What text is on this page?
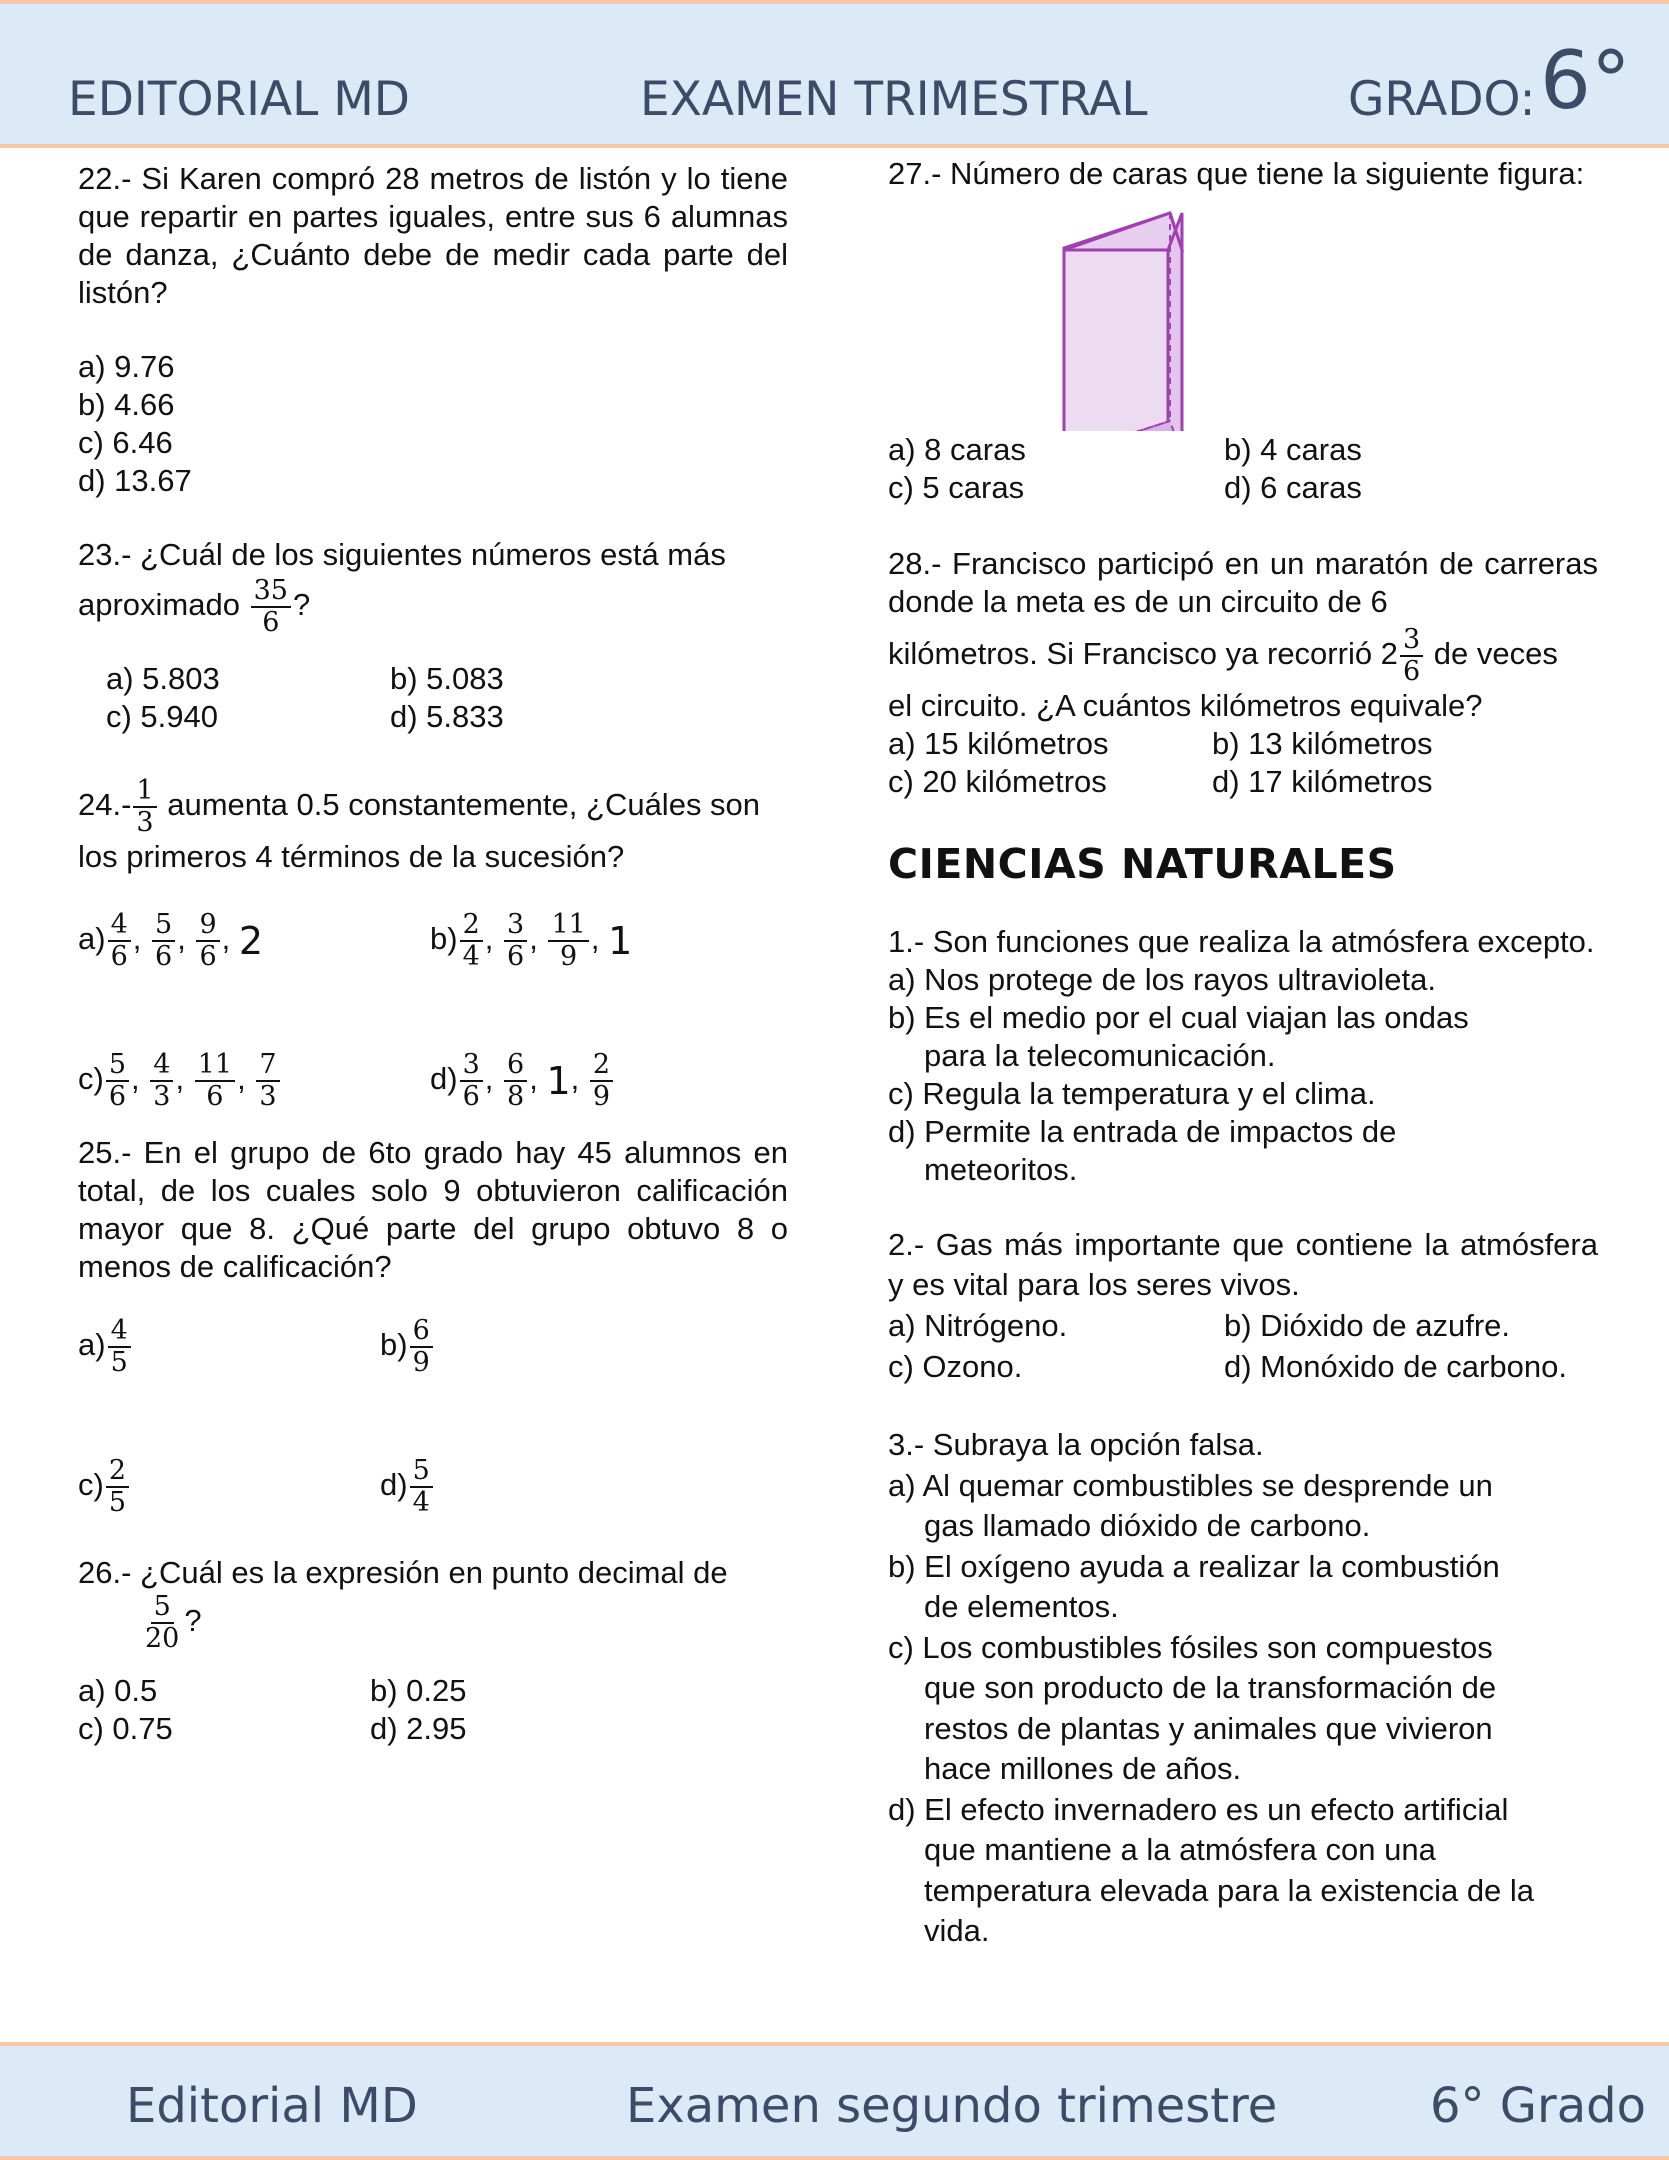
EDITORIAL MD	EXAMEN TRIMESTRAL	GRADO: 6°

22.- Si Karen compró 28 metros de listón y lo tiene que repartir en partes iguales, entre sus 6 alumnas de danza, ¿Cuánto debe de medir cada parte del listón?

a) 9.76

b) 4.66

c) 6.46

d) 13.67

23.- ¿Cuál de los siguientes números está más

aproximado $\frac{35}{6}$ ?

a) 5.803	b) 5.083
c) 5.940	d) 5.833

$24.- \frac{1}{3}$ aumenta 0.5 constantemente, ¿Cuáles son

los primeros 4 términos de la sucesión?

$a) \frac{4}{6}$ , $\frac{5}{6}$ , $\frac{9}{6}$ , 2	$b) \frac{2}{4}$ , $\frac{3}{6}$ , $\frac{11}{9}$ , 1
$c) \frac{5}{6}$ , $\frac{4}{3}$ , $\frac{11}{6}$ , $\frac{7}{3}$	$d) \frac{3}{6}$ , $\frac{6}{8}$ , 1, $\frac{2}{9}$

25.- En el grupo de 6to grado hay 45 alumnos en total, de los cuales solo 9 obtuvieron calificación mayor que 8. ¿Qué parte del grupo obtuvo 8 o menos de calificación?

$a) \frac{4}{5}$	$b) \frac{6}{9}$
$c) \frac{2}{5}$	$d) \frac{5}{4}$

26.- ¿Cuál es la expresión en punto decimal de

$\frac{5}{20}$ ?

a) 0.5	b) 0.25
c) 0.75	d) 2.95

27.- Número de caras que tiene la siguiente figura:

a) 8 caras	b) 4 caras
c) 5 caras	d) 6 caras

28.- Francisco participó en un maratón de carreras donde la meta es de un circuito de 6

kilómetros. Si Francisco ya recorrió $2 \frac{3}{6}$ de veces

el circuito. ¿A cuántos kilómetros equivale?

a) 15 kilómetros	b) 13 kilómetros
c) 20 kilómetros	d) 17 kilómetros

CIENCIAS NATURALES

1.- Son funciones que realiza la atmósfera excepto.

a) Nos protege de los rayos ultravioleta.

b) Es el medio por el cual viajan las ondas para la telecomunicación.

c) Regula la temperatura y el clima.

d) Permite la entrada de impactos de meteoritos.

2.- Gas más importante que contiene la atmósfera y es vital para los seres vivos.

a) Nitrógeno.	b) Dióxido de azufre.
c) Ozono.	d) Monóxido de carbono.

3.- Subraya la opción falsa.

a) Al quemar combustibles se desprende un gas llamado dióxido de carbono.

b) El oxígeno ayuda a realizar la combustión de elementos.

c) Los combustibles fósiles son compuestos que son producto de la transformación de restos de plantas y animales que vivieron hace millones de años.

d) El efecto invernadero es un efecto artificial que mantiene a la atmósfera con una temperatura elevada para la existencia de la vida.

Editorial MD	Examen segundo trimestre	6° Grado
